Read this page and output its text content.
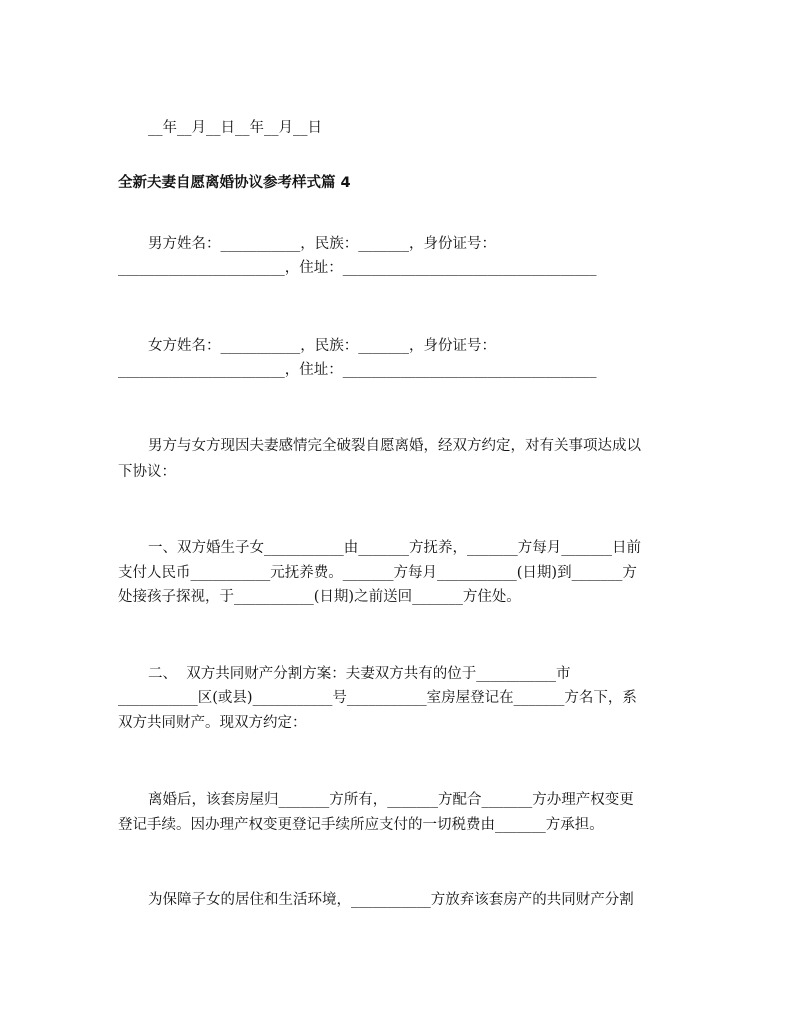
__年__月__日__年__月__日
全新夫妻自愿离婚协议参考样式篇 4
男方姓名：___________，民族：_______，身份证号：
_______________________，住址：___________________________________
女方姓名：___________，民族：_______，身份证号：
_______________________，住址：___________________________________
男方与女方现因夫妻感情完全破裂自愿离婚，经双方约定，对有关事项达成以
下协议：
一、双方婚生子女___________由_______方抚养，_______方每月_______日前
支付人民币___________元抚养费。_______方每月___________(日期)到_______方
处接孩子探视，于___________(日期)之前送回_______方住处。
二、  双方共同财产分割方案：夫妻双方共有的位于___________市
___________区(或县)___________号___________室房屋登记在_______方名下，系
双方共同财产。现双方约定：
离婚后，该套房屋归_______方所有，_______方配合_______方办理产权变更
登记手续。因办理产权变更登记手续所应支付的一切税费由_______方承担。
为保障子女的居住和生活环境，___________方放弃该套房产的共同财产分割
